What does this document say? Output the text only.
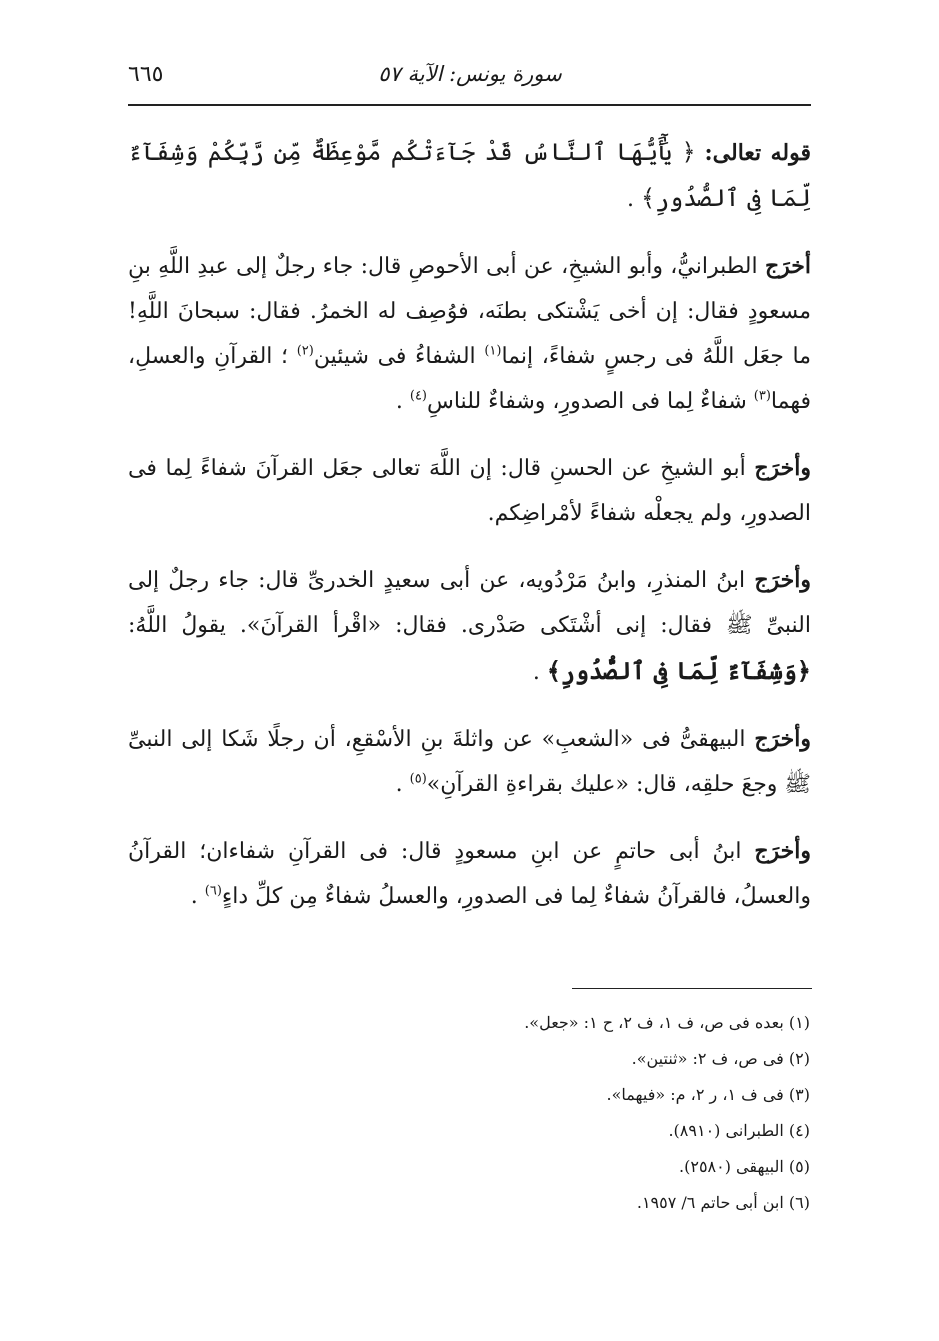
٦٦٥	سورة يونس: الآية ٥٧

قوله تعالى: ﴿ يَٰٓأَيُّهَا ٱلنَّاسُ قَدْ جَآءَتْكُم مَّوْعِظَةٌ مِّن رَّبِّكُمْ وَشِفَآءٌ لِّمَا فِى ٱلصُّدُورِ﴾ .

أخرَج الطبرانيُّ، وأبو الشيخِ، عن أبى الأحوصِ قال: جاء رجلٌ إلى عبدِ اللَّهِ بنِ مسعودٍ فقال: إن أخى يَشْتكى بطنَه، فوُصِف له الخمرُ. فقال: سبحانَ اللَّهِ! ما جعَل اللَّهُ فى رجسٍ شفاءً، إنما$^{(١)}$ الشفاءُ فى شيئين$^{(٢)}$ ؛ القرآنِ والعسلِ، فهما$^{(٣)}$ شفاءٌ لِما فى الصدورِ، وشفاءٌ للناسِ$^{(٤)}$ .

وأخرَج أبو الشيخِ عن الحسنِ قال: إن اللَّهَ تعالى جعَل القرآنَ شفاءً لِما فى الصدورِ، ولم يجعلْه شفاءً لأمْراضِكم.

وأخرَج ابنُ المنذرِ، وابنُ مَرْدُويه، عن أبى سعيدٍ الخدرىِّ قال: جاء رجلٌ إلى النبىِّ ﷺ فقال: إنى أشْتَكى صَدْرى. فقال: «اقْرأ القرآنَ». يقولُ اللَّهُ: ﴿وَشِفَآءٌ لِّمَا فِى ٱلصُّدُورِ﴾ .

وأخرَج البيهقىُّ فى «الشعبِ» عن واثلةَ بنِ الأسْقعِ، أن رجلًا شَكا إلى النبىِّ ﷺ وجعَ حلقِه، قال: «عليك بقراءةِ القرآنِ»$^{(٥)}$ .

وأخرَج ابنُ أبى حاتمٍ عن ابنِ مسعودٍ قال: فى القرآنِ شفاءان؛ القرآنُ والعسلُ، فالقرآنُ شفاءٌ لِما فى الصدورِ، والعسلُ شفاءٌ مِن كلِّ داءٍ$^{(٦)}$ .

(١) بعده فى ص، ف ١، ف ٢، ح ١: «جعل».
(٢) فى ص، ف ٢: «ثنتين».
(٣) فى ف ١، ر ٢، م: «فيهما».
(٤) الطبرانى (٨٩١٠).
(٥) البيهقى (٢٥٨٠).
(٦) ابن أبى حاتم ٦/ ١٩٥٧.
